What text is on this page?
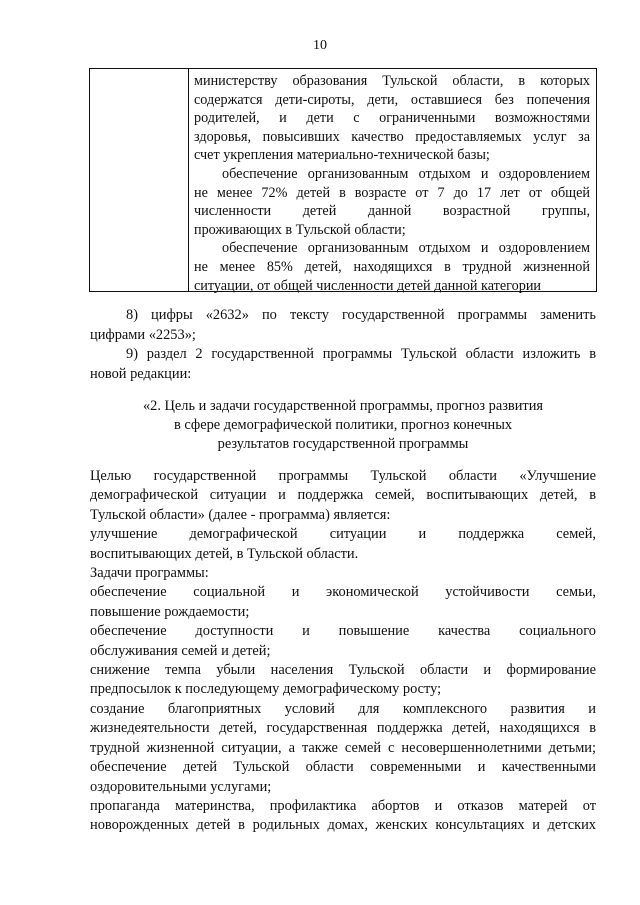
10
министерству образования Тульской области, в которых
содержатся дети-сироты, дети, оставшиеся без попечения
родителей, и дети с ограниченными возможностями
здоровья, повысивших качество предоставляемых услуг за
счет укрепления материально-технической базы;
обеспечение организованным отдыхом и оздоровлением
не менее 72% детей в возрасте от 7 до 17 лет от общей
численности детей данной возрастной группы,
проживающих в Тульской области;
обеспечение организованным отдыхом и оздоровлением
не менее 85% детей, находящихся в трудной жизненной
ситуации, от общей численности детей данной категории
8) цифры «2632» по тексту государственной программы заменить
цифрами «2253»;
9) раздел 2 государственной программы Тульской области изложить в
новой редакции:
«2. Цель и задачи государственной программы, прогноз развития
в сфере демографической политики, прогноз конечных
результатов государственной программы
Целью государственной программы Тульской области «Улучшение
демографической ситуации и поддержка семей, воспитывающих детей, в
Тульской области» (далее - программа) является:
улучшение демографической ситуации и поддержка семей,
воспитывающих детей, в Тульской области.
Задачи программы:
обеспечение социальной и экономической устойчивости семьи,
повышение рождаемости;
обеспечение доступности и повышение качества социального
обслуживания семей и детей;
снижение темпа убыли населения Тульской области и формирование
предпосылок к последующему демографическому росту;
создание благоприятных условий для комплексного развития и
жизнедеятельности детей, государственная поддержка детей, находящихся в
трудной жизненной ситуации, а также семей с несовершеннолетними детьми;
обеспечение детей Тульской области современными и качественными
оздоровительными услугами;
пропаганда материнства, профилактика абортов и отказов матерей от
новорожденных детей в родильных домах, женских консультациях и детских
